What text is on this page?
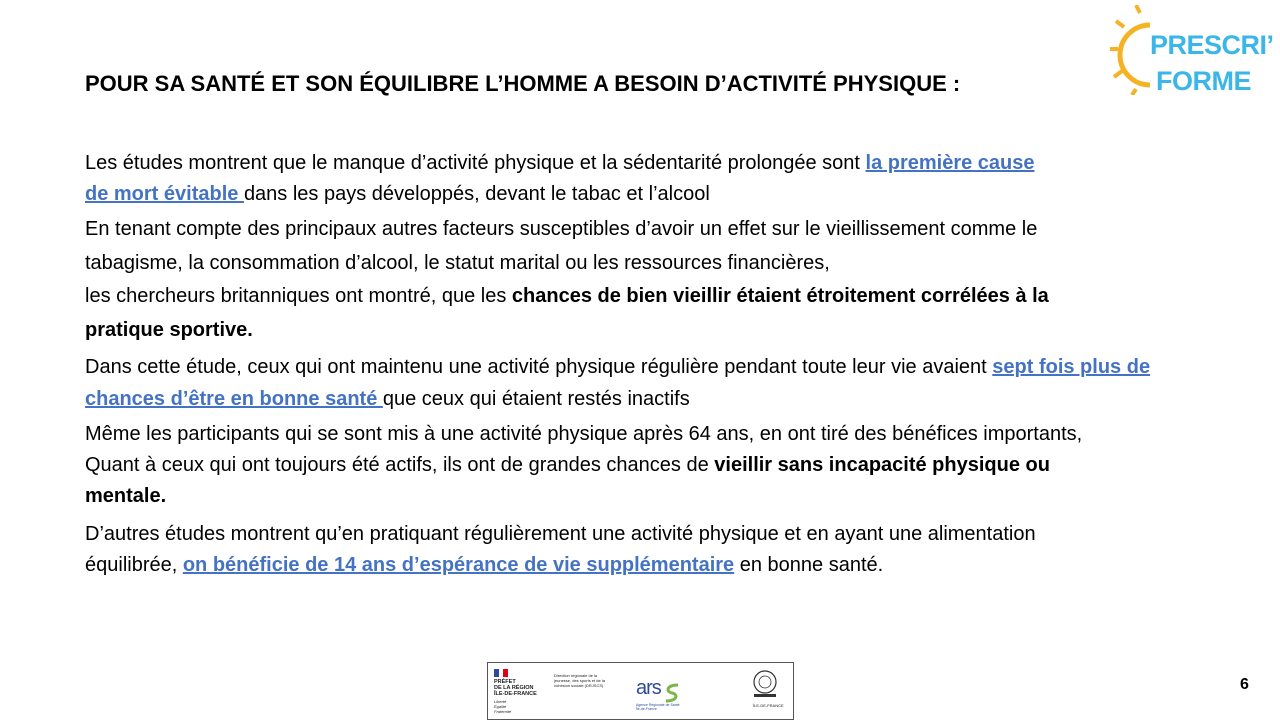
PRESCRI’
FORME
POUR SA SANTÉ ET SON ÉQUILIBRE L’HOMME A BESOIN D’ACTIVITÉ PHYSIQUE :

Les études montrent que le manque d’activité physique et la sédentarité prolongée sont la première cause de mort évitable dans les pays développés, devant le tabac et l’alcool

En tenant compte des principaux autres facteurs susceptibles d’avoir un effet sur le vieillissement comme le tabagisme, la consommation d’alcool, le statut marital ou les ressources financières,

les chercheurs britanniques ont montré, que les chances de bien vieillir étaient étroitement corrélées à la pratique sportive.

Dans cette étude, ceux qui ont maintenu une activité physique régulière pendant toute leur vie avaient sept fois plus de chances d’être en bonne santé que ceux qui étaient restés inactifs

Même les participants qui se sont mis à une activité physique après 64 ans, en ont tiré des bénéfices importants,

Quant à ceux qui ont toujours été actifs, ils ont de grandes chances de vieillir sans incapacité physique ou mentale.

D’autres études montrent qu’en pratiquant régulièrement une activité physique et en ayant une alimentation équilibrée, on bénéficie de 14 ans d’espérance de vie supplémentaire en bonne santé.

PRÉFET
DE LA RÉGION
ÎLE-DE-FRANCE
Liberté Égalité Fraternité
Direction régionale de la jeunesse, des sports et de la cohésion sociale (DRJSCS)	ars
Agence Régionale de Santé Île-de-France
ÎLE-DE-FRANCE
6
